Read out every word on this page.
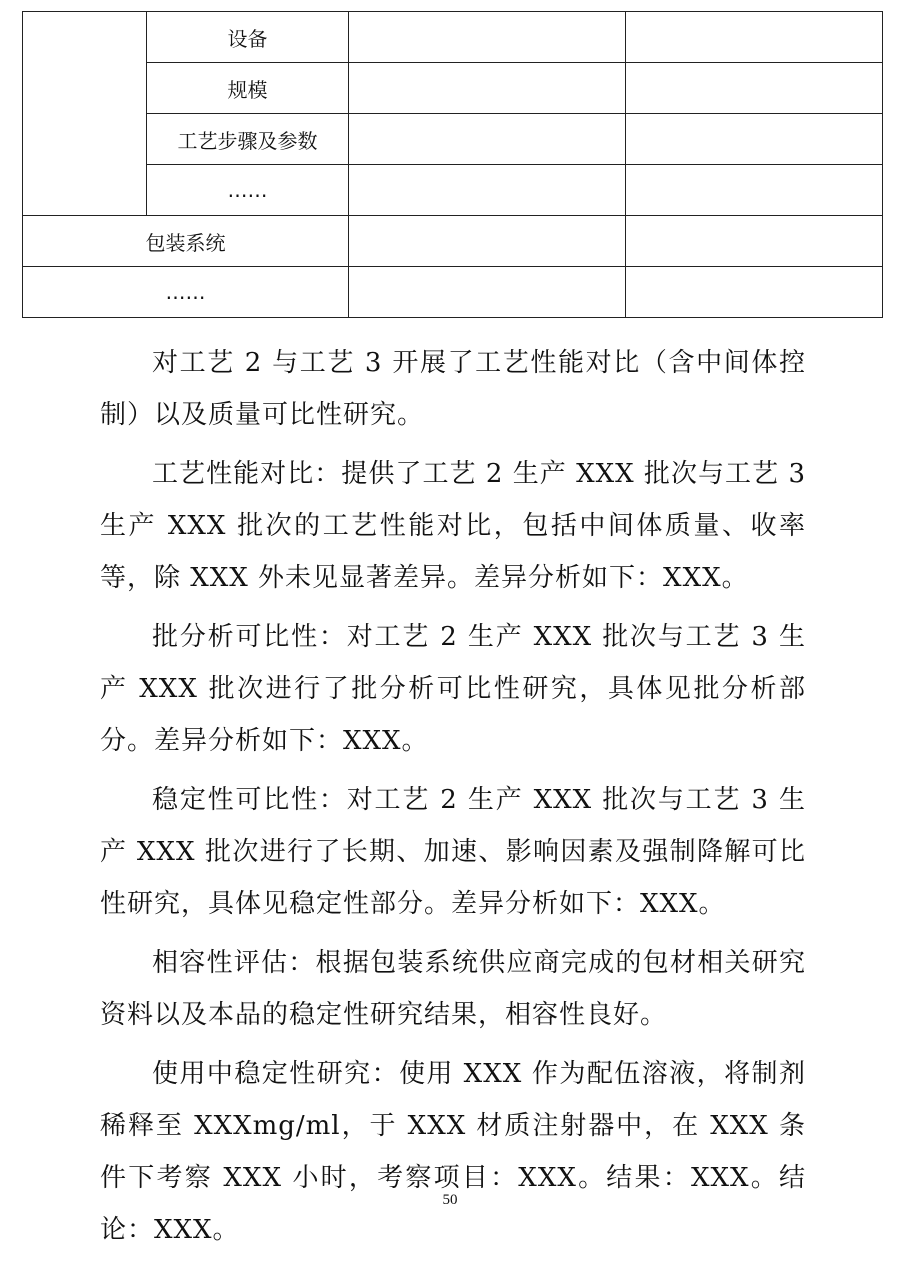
	设备		
	规模		
	工艺步骤及参数		
	……		
包装系统			
……			

对工艺 2 与工艺 3 开展了工艺性能对比（含中间体控制）以及质量可比性研究。

工艺性能对比：提供了工艺 2 生产 XXX 批次与工艺 3 生产 XXX 批次的工艺性能对比，包括中间体质量、收率等，除 XXX 外未见显著差异。差异分析如下：XXX。

批分析可比性：对工艺 2 生产 XXX 批次与工艺 3 生产 XXX 批次进行了批分析可比性研究，具体见批分析部分。差异分析如下：XXX。

稳定性可比性：对工艺 2 生产 XXX 批次与工艺 3 生产 XXX 批次进行了长期、加速、影响因素及强制降解可比性研究，具体见稳定性部分。差异分析如下：XXX。

相容性评估：根据包装系统供应商完成的包材相关研究资料以及本品的稳定性研究结果，相容性良好。

使用中稳定性研究：使用 XXX 作为配伍溶液，将制剂稀释至 XXXmg/ml，于 XXX 材质注射器中，在 XXX 条件下考察 XXX 小时，考察项目：XXX。结果：XXX。结论：XXX。

50
